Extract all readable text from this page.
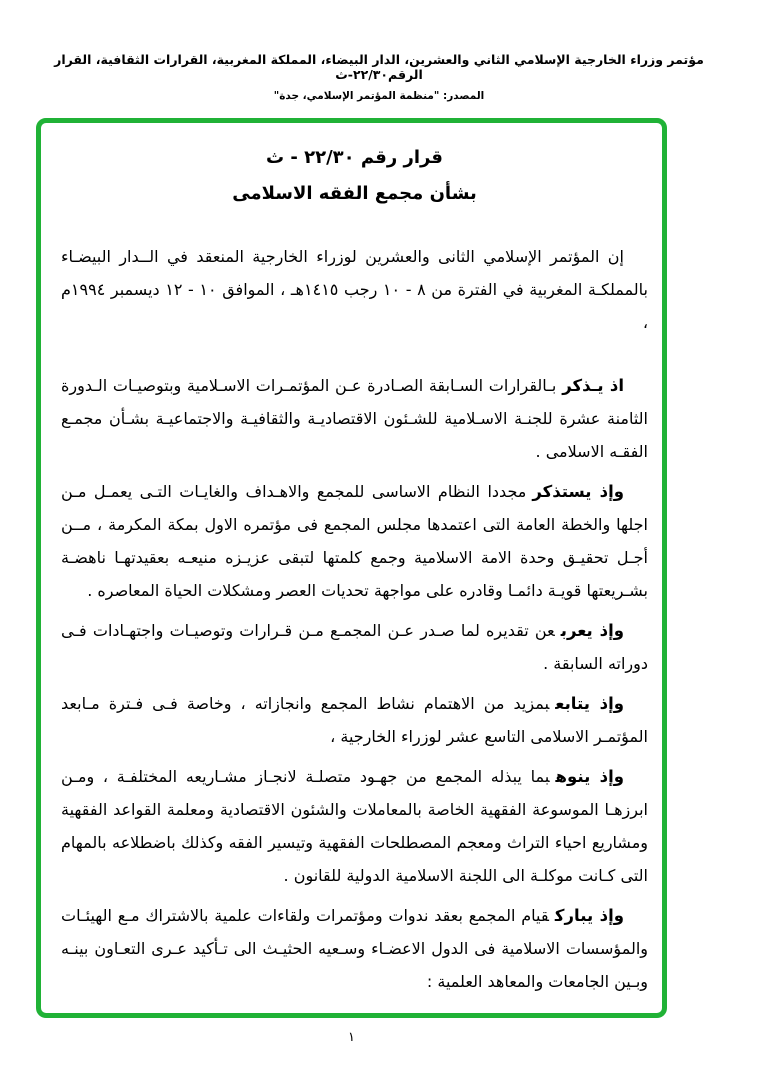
مؤتمر وزراء الخارجية الإسلامي الثاني والعشرين، الدار البيضاء، المملكة المغربية، القرارات الثقافية، القرار الرقم٢٢/٣٠-ث
المصدر: "منظمة المؤتمر الإسلامي، جدة"
قرار رقم ٢٢/٣٠ - ث
بشأن مجمع الفقه الاسلامى

إن المؤتمر الإسلامي الثانى والعشرين لوزراء الخارجية المنعقد في الــدار البيضـاء بالمملكـة المغربية في الفترة من ٨ - ١٠ رجب ١٤١٥هـ ، الموافق ١٠ - ١٢ ديسمبر ١٩٩٤م ،

اذ يـذكربـالقرارات السـابقة الصـادرة عـن المؤتمـرات الاسـلامية وبتوصيـات الـدورة الثامنة عشرة للجنـة الاسـلامية للشـئون الاقتصاديـة والثقافيـة والاجتماعيـة بشـأن مجمـع الفقـه الاسلامى .

وإذ يستذكرمجددا النظام الاساسى للمجمع والاهـداف والغايـات التـى يعمـل مـن اجلها والخطة العامة التى اعتمدها مجلس المجمع فى مؤتمره الاول بمكة المكرمة ، مــن أجـل تحقيـق وحدة الامة الاسلامية وجمع كلمتها لتبقى عزيـزه منيعـه بعقيدتهـا ناهضـة بشـريعتها قويـة دائمـا وقادره على مواجهة تحديات العصر ومشكلات الحياة المعاصره .

وإذ يعربعن تقديره لما صـدر عـن المجمـع مـن قـرارات وتوصيـات واجتهـادات فـى دوراته السابقة .

وإذ يتابعبمزيد من الاهتمام نشاط المجمع وانجازاته ، وخاصة فـى فـترة مـابعد المؤتمـر الاسلامى التاسع عشر لوزراء الخارجية ،

وإذ ينوهبما يبذله المجمع من جهـود متصلـة لانجـاز مشـاريعه المختلفـة ، ومـن ابرزهـا الموسوعة الفقهية الخاصة بالمعاملات والشئون الاقتصادية ومعلمة القواعد الفقهية ومشاريع احياء التراث ومعجم المصطلحات الفقهية وتيسير الفقه وكذلك باضطلاعه بالمهام التى كـانت موكلـة الى اللجنة الاسلامية الدولية للقانون .

وإذ يباركقيام المجمع بعقد ندوات ومؤتمرات ولقاءات علمية بالاشتراك مـع الهيئـات والمؤسسات الاسلامية فى الدول الاعضـاء وسـعيه الحثيـث الى تـأكيد عـرى التعـاون بينـه وبـين الجامعات والمعاهد العلمية :

١
